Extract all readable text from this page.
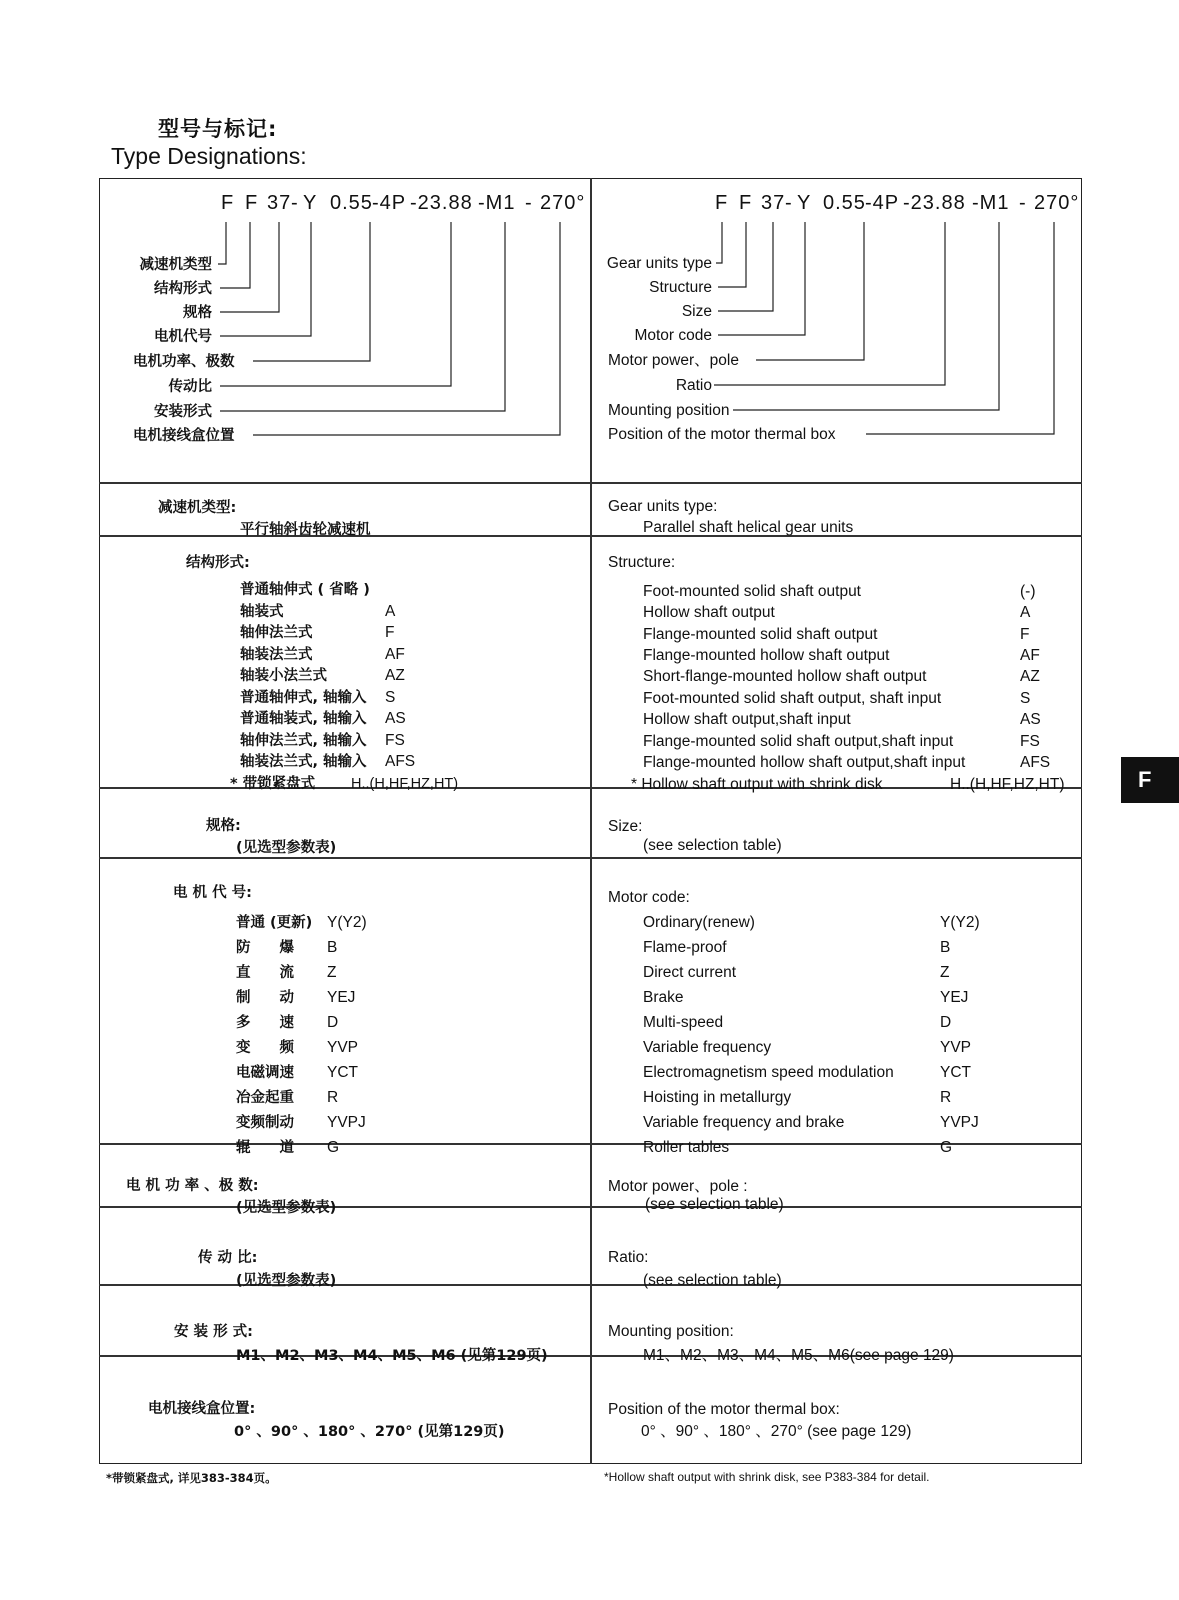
型号与标记:
Type Designations:
F F 37 - Y 0.55 -4P -23.88 -M1 - 270°	F F 37 - Y 0.55 -4P -23.88 -M1 - 270°
减速机类型
结构形式
规格
电机代号
电机功率、极数
传动比
安装形式
电机接线盒位置
Gear units type
Structure
Size
Motor code
Motor power、pole
Ratio
Mounting position
Position of the motor thermal box
减速机类型:
平行轴斜齿轮减速机
Gear units type:
Parallel shaft helical gear units
结构形式:	Structure:
普通轴伸式 ( 省略 )
轴装式	A
轴伸法兰式	F
轴装法兰式	AF
轴装小法兰式	AZ
普通轴伸式, 轴输入 S
普通轴装式, 轴输入 AS
轴伸法兰式, 轴输入 FS
轴装法兰式, 轴输入 AFS
* 带锁紧盘式 H..(H,HF,HZ,HT)
Foot-mounted solid shaft output	(-)
Hollow shaft output	A
Flange-mounted solid shaft output	F
Flange-mounted hollow shaft output	AF
Short-flange-mounted hollow shaft output	AZ
Foot-mounted solid shaft output, shaft input	S
Hollow shaft output,shaft input	AS
Flange-mounted solid shaft output,shaft input	FS
Flange-mounted hollow shaft output,shaft input	AFS
* Hollow shaft output with shrink disk	H..(H,HF,HZ,HT)
规格:
(见选型参数表)
Size:
(see selection table)
电 机 代 号:	Motor code:
普通 (更新) Y(Y2)
防　　爆 B
直　　流 Z
制　　动 YEJ
多　　速 D
变　　频 YVP
电磁调速 YCT
冶金起重 R
变频制动 YVPJ
辊　　道 G
Ordinary(renew)	Y(Y2)
Flame-proof	B
Direct current	Z
Brake	YEJ
Multi-speed	D
Variable frequency	YVP
Electromagnetism speed modulation	YCT
Hoisting in metallurgy	R
Variable frequency and brake	YVPJ
Roller tables	G
电 机 功 率 、极 数:
(见选型参数表)
Motor power、pole :
(see selection table)
传 动 比:
(见选型参数表)
Ratio:
(see selection table)
安 装 形 式:
M1、M2、M3、M4、M5、M6 (见第129页)
Mounting position:
M1、M2、M3、M4、M5、M6(see page 129)
电机接线盒位置:
0° 、90° 、180° 、270° (见第129页)
Position of the motor thermal box:
0° 、90° 、180° 、270° (see page 129)
F
*带锁紧盘式, 详见383-384页。	*Hollow shaft output with shrink disk, see P383-384 for detail.
